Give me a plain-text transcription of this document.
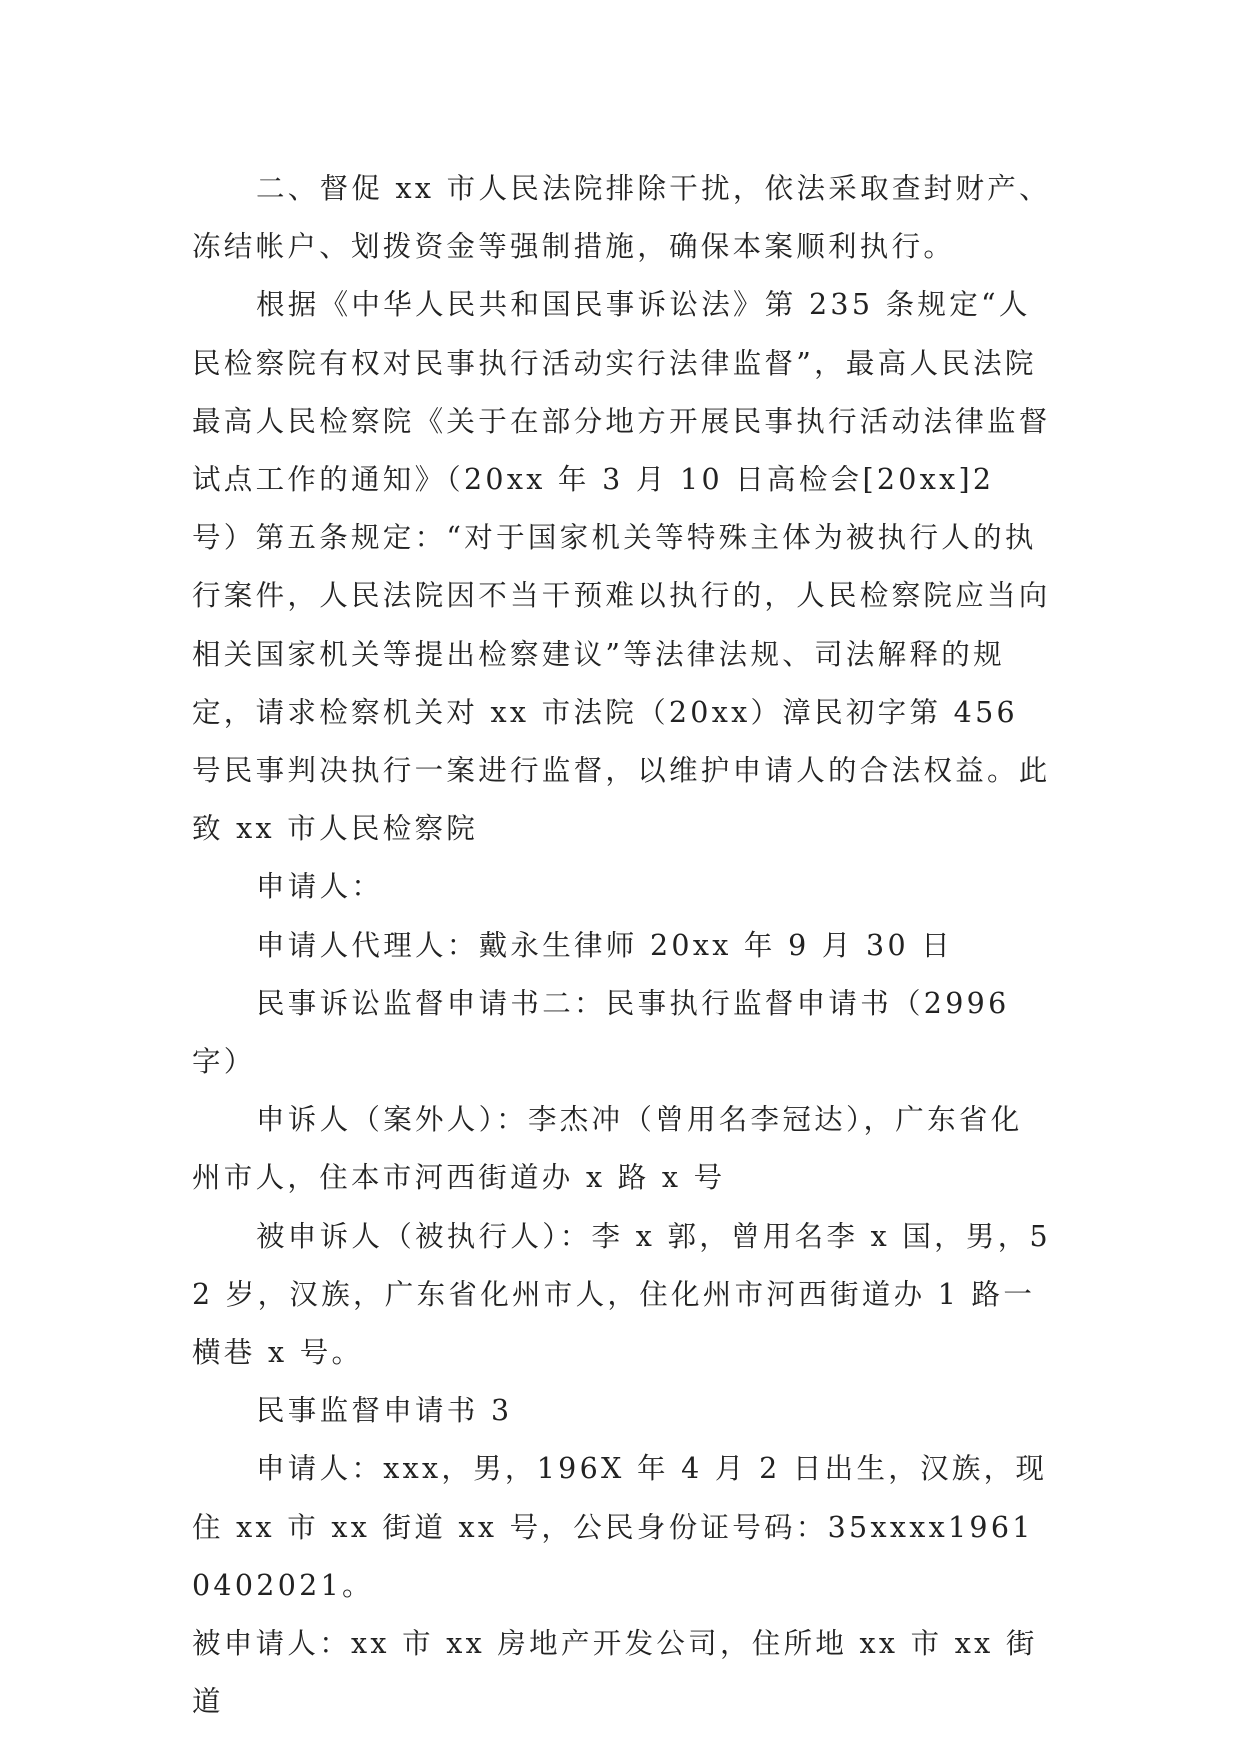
二、督促 xx 市人民法院排除干扰，依法采取查封财产、冻结帐户、划拨资金等强制措施，确保本案顺利执行。

根据《中华人民共和国民事诉讼法》第 235 条规定“人民检察院有权对民事执行活动实行法律监督”，最高人民法院最高人民检察院《关于在部分地方开展民事执行活动法律监督试点工作的通知》（20xx 年 3 月 10 日高检会[20xx]2 号）第五条规定：“对于国家机关等特殊主体为被执行人的执行案件，人民法院因不当干预难以执行的，人民检察院应当向相关国家机关等提出检察建议”等法律法规、司法解释的规定，请求检察机关对 xx 市法院（20xx）漳民初字第 456 号民事判决执行一案进行监督，以维护申请人的合法权益。此致 xx 市人民检察院

申请人：

申请人代理人：戴永生律师 20xx 年 9 月 30 日

民事诉讼监督申请书二：民事执行监督申请书（2996 字）

申诉人（案外人）：李杰冲（曾用名李冠达），广东省化州市人，住本市河西街道办 x 路 x 号

被申诉人（被执行人）：李 x 郭，曾用名李 x 国，男，52 岁，汉族，广东省化州市人，住化州市河西街道办 1 路一横巷 x 号。

民事监督申请书 3

申请人：xxx，男，196X 年 4 月 2 日出生，汉族，现住 xx 市 xx 街道 xx 号，公民身份证号码：35xxxx19610402021。

被申请人：xx 市 xx 房地产开发公司，住所地 xx 市 xx 街道
